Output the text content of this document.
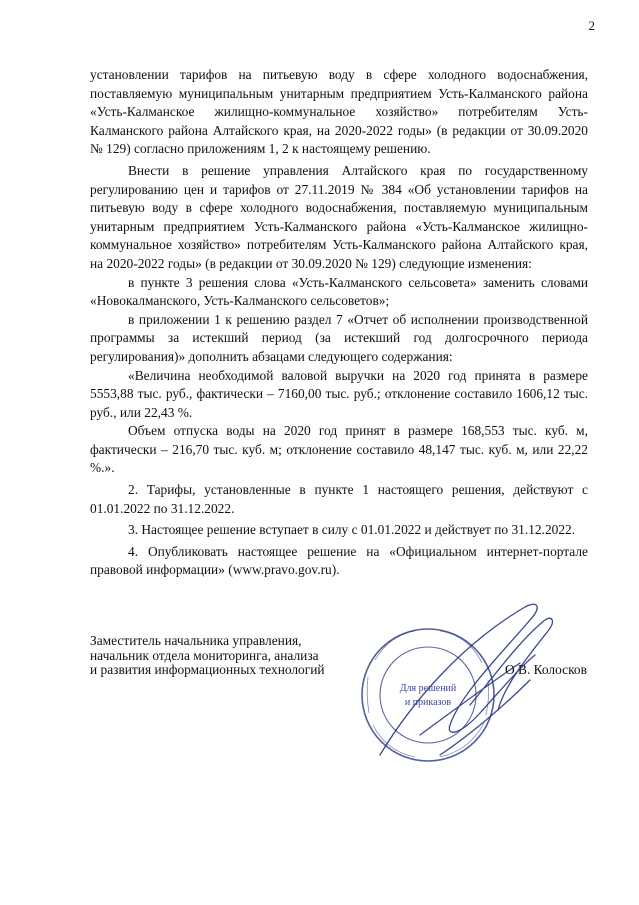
2

установлении тарифов на питьевую воду в сфере холодного водоснабжения, поставляемую муниципальным унитарным предприятием Усть-Калманского района «Усть-Калманское жилищно-коммунальное хозяйство» потребителям Усть-Калманского района Алтайского края, на 2020-2022 годы» (в редакции от 30.09.2020 № 129) согласно приложениям 1, 2 к настоящему решению.

Внести в решение управления Алтайского края по государственному регулированию цен и тарифов от 27.11.2019 № 384 «Об установлении тарифов на питьевую воду в сфере холодного водоснабжения, поставляемую муниципальным унитарным предприятием Усть-Калманского района «Усть-Калманское жилищно-коммунальное хозяйство» потребителям Усть-Калманского района Алтайского края, на 2020-2022 годы» (в редакции от 30.09.2020 № 129) следующие изменения:

в пункте 3 решения слова «Усть-Калманского сельсовета» заменить словами «Новокалманского, Усть-Калманского сельсоветов»;

в приложении 1 к решению раздел 7 «Отчет об исполнении производственной программы за истекший период (за истекший год долгосрочного периода регулирования)» дополнить абзацами следующего содержания:

«Величина необходимой валовой выручки на 2020 год принята в размере 5553,88 тыс. руб., фактически – 7160,00 тыс. руб.; отклонение составило 1606,12 тыс. руб., или 22,43 %.

Объем отпуска воды на 2020 год принят в размере 168,553 тыс. куб. м, фактически – 216,70 тыс. куб. м; отклонение составило 48,147 тыс. куб. м, или 22,22 %.».

2. Тарифы, установленные в пункте 1 настоящего решения, действуют с 01.01.2022 по 31.12.2022.

3. Настоящее решение вступает в силу с 01.01.2022 и действует по 31.12.2022.

4. Опубликовать настоящее решение на «Официальном интернет-портале правовой информации» (www.pravo.gov.ru).

Заместитель начальника управления,
начальник отдела мониторинга, анализа
и развития информационных технологий	О.В. Колосков
Для решений
и приказов
